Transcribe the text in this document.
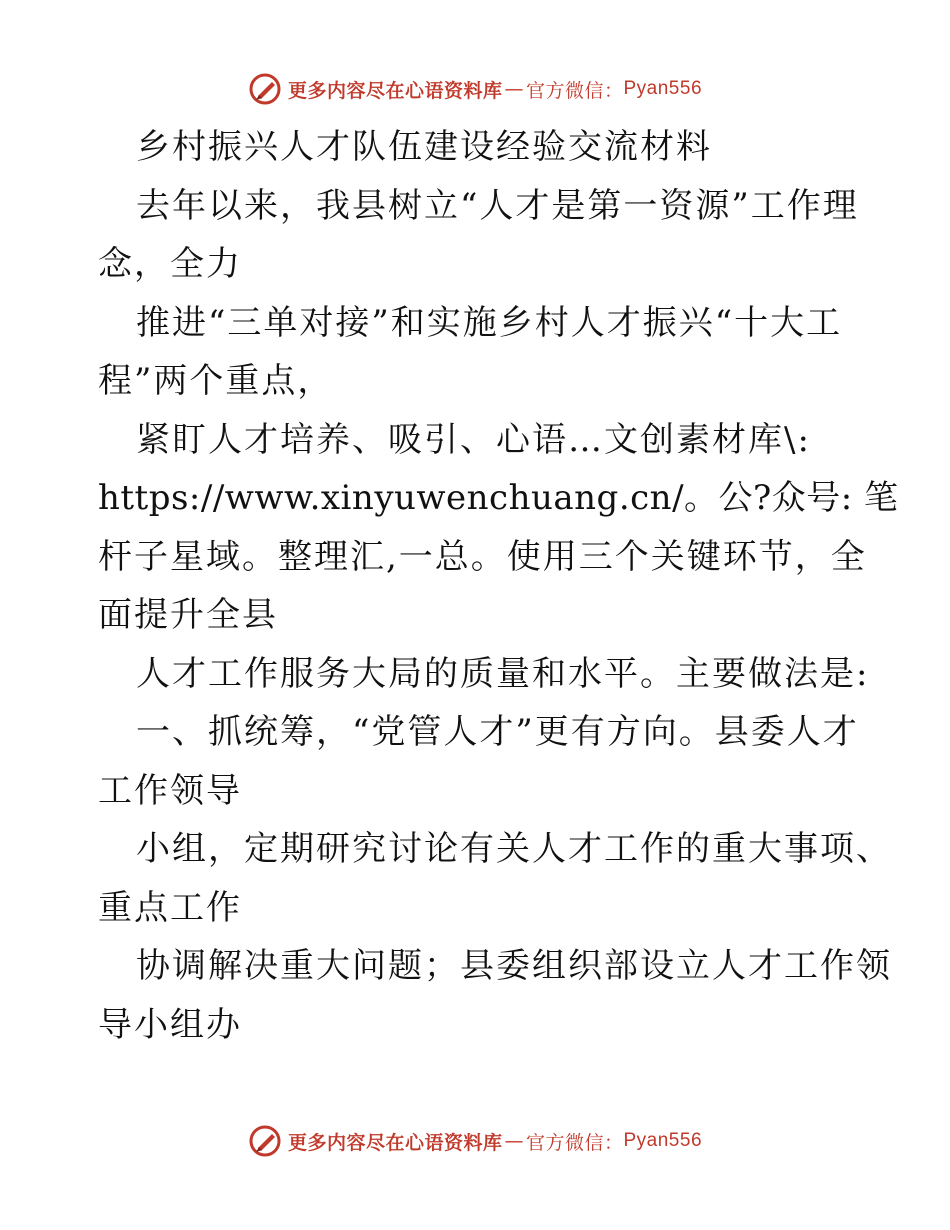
更多内容尽在心语资料库 — 官方微信： Pyan556
乡村振兴人才队伍建设经验交流材料
去年以来，我县树立“人才是第一资源”工作理
念，全力
推进“三单对接”和实施乡村人才振兴“十大工
程”两个重点，
紧盯人才培养、吸引、心语…文创素材库\:
https://www.xinyuwenchuang.cn/。公?众号: 笔
杆子星域。整理汇,一总。使用三个关键环节，全
面提升全县
人才工作服务大局的质量和水平。主要做法是:
一、抓统筹，“党管人才”更有方向。县委人才
工作领导
小组，定期研究讨论有关人才工作的重大事项、
重点工作
协调解决重大问题；县委组织部设立人才工作领
导小组办
更多内容尽在心语资料库 — 官方微信： Pyan556
